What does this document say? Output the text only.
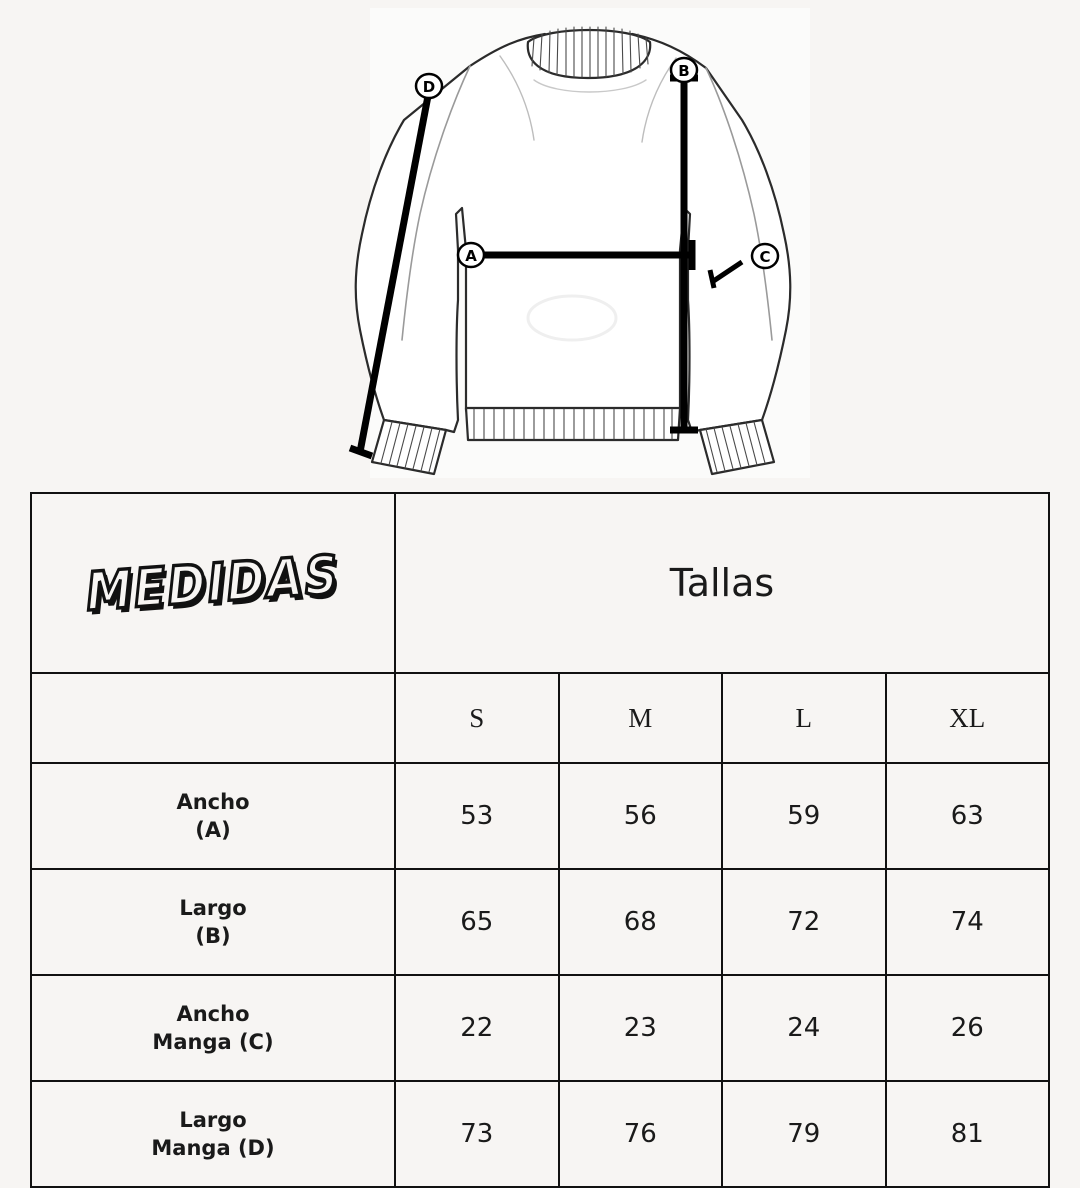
D
B
A	C
MEDIDAS	Tallas			
	S	M	L	XL

Ancho
(A)	53	56	59	63

Largo
(B)	65	68	72	74

Ancho
Manga (C)	22	23	24	26

Largo
Manga (D)	73	76	79	81
